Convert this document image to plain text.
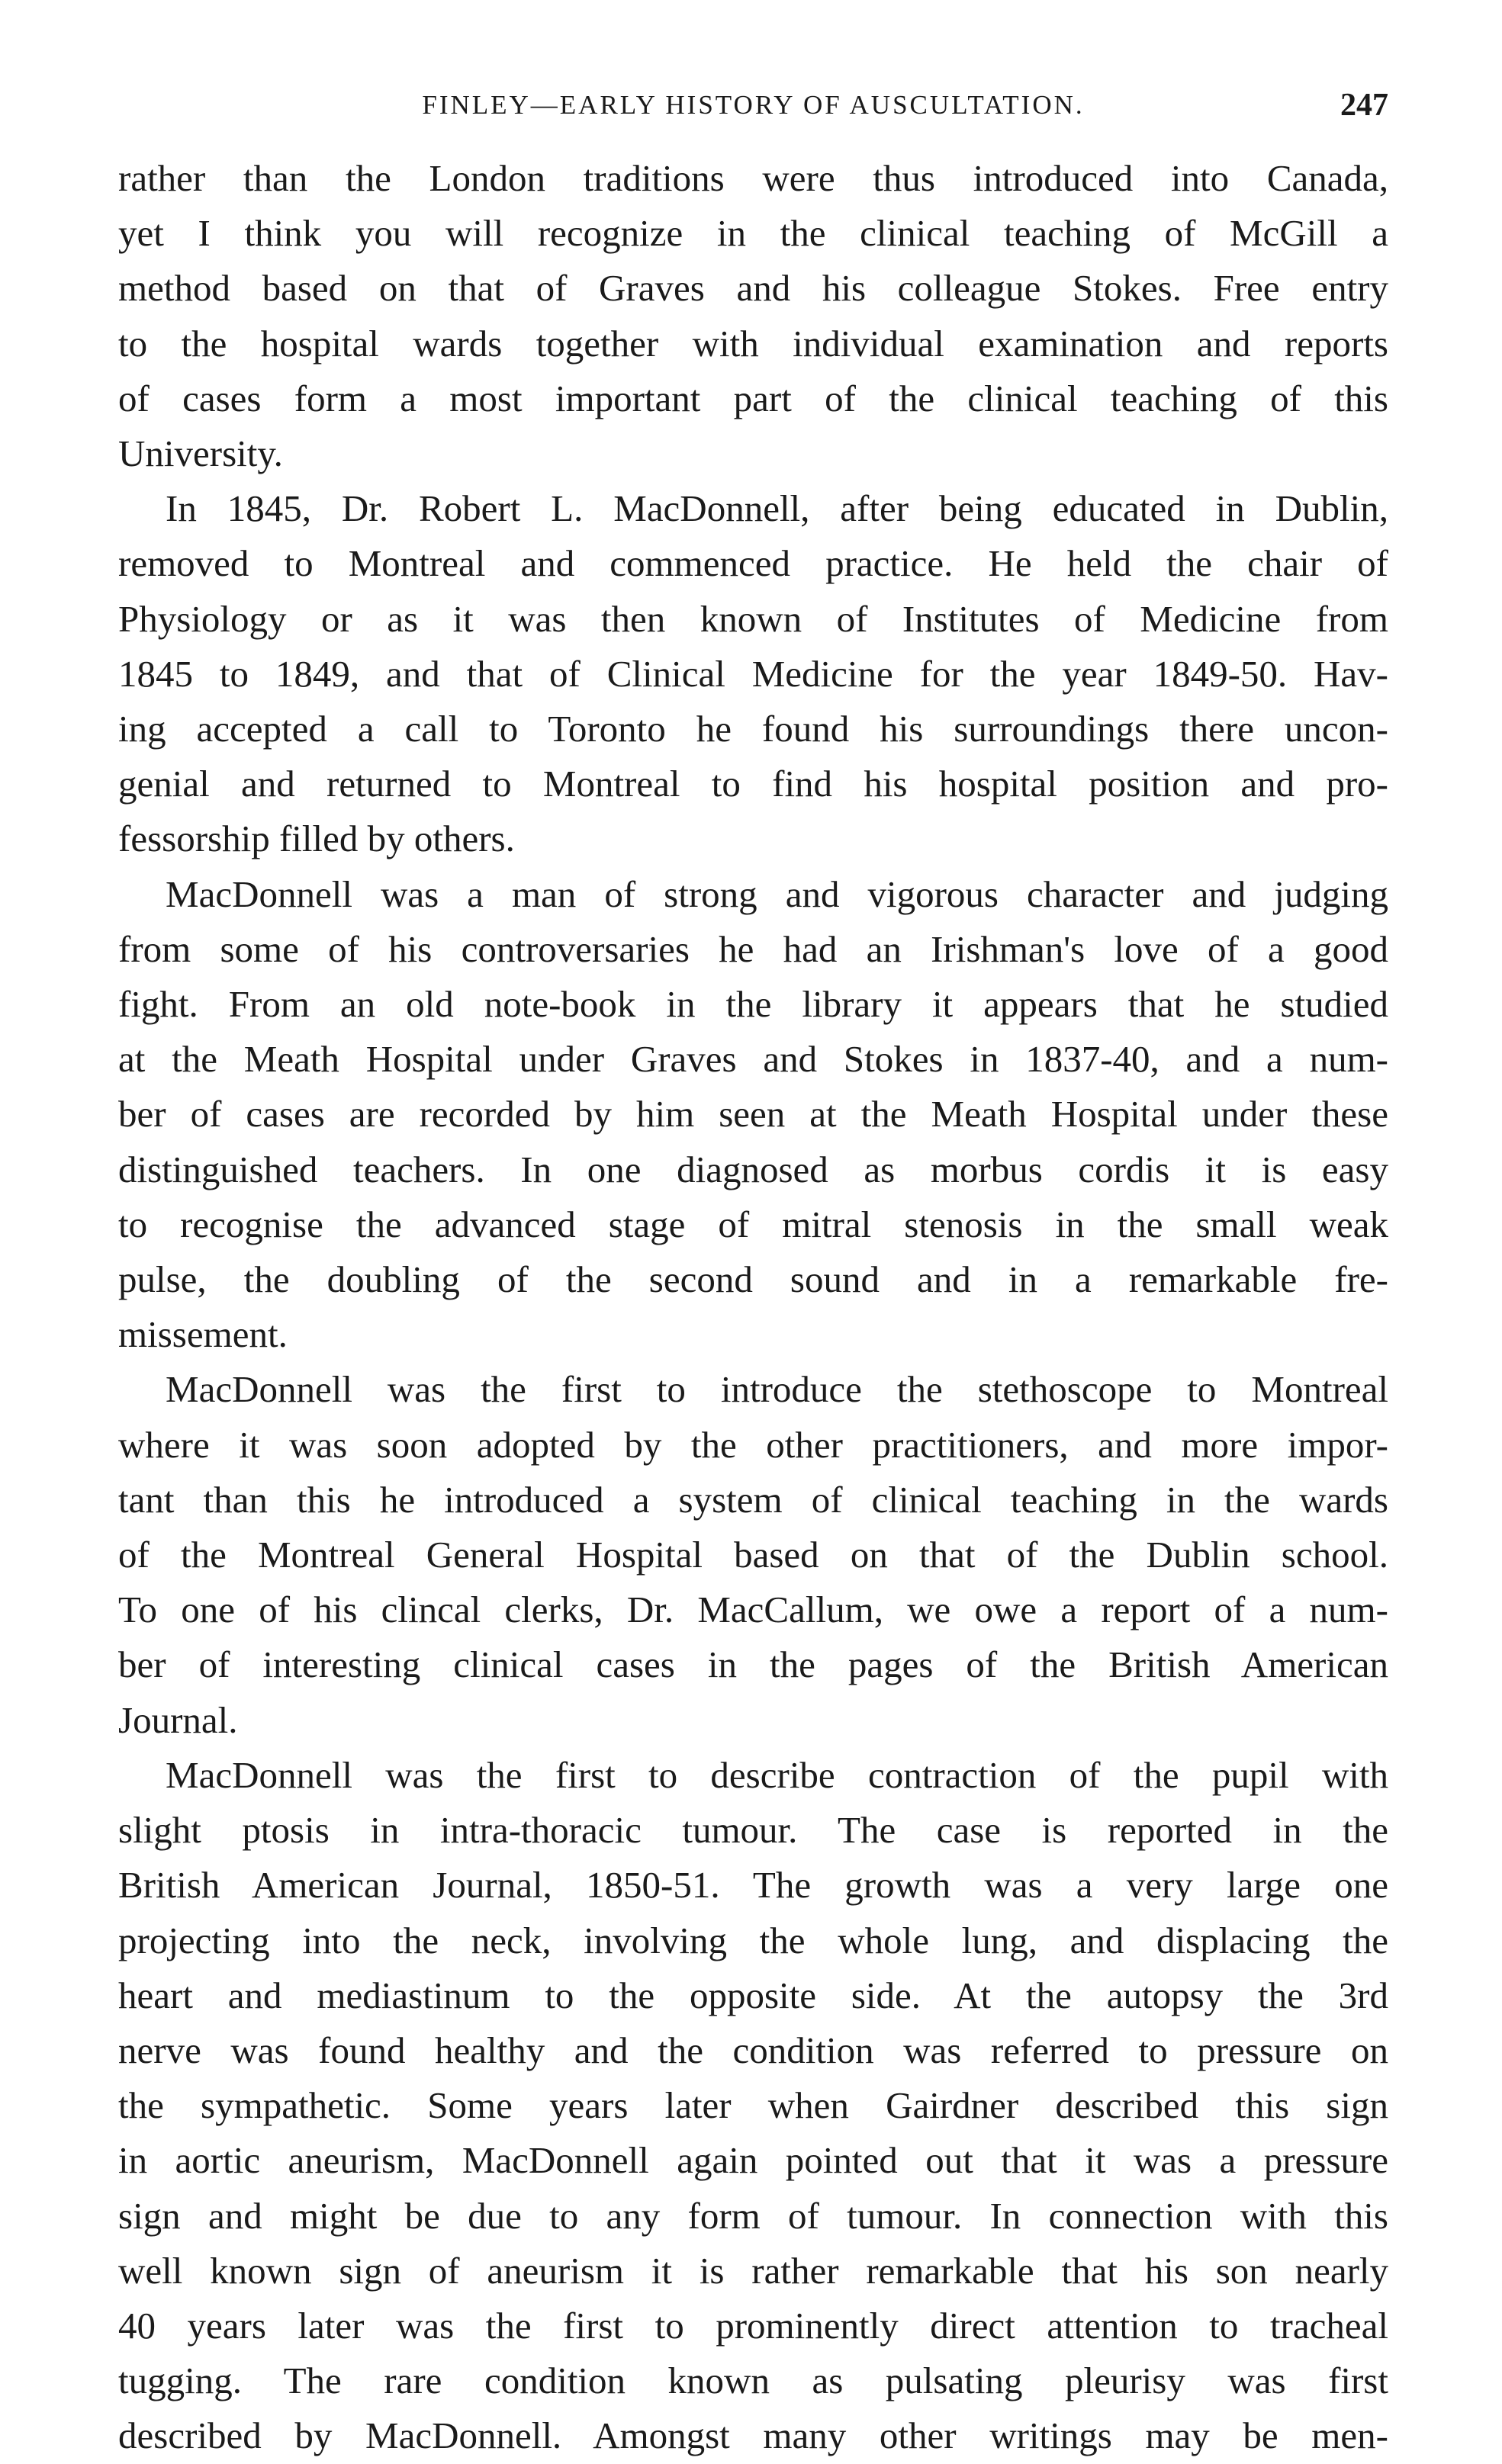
FINLEY—EARLY HISTORY OF AUSCULTATION.	247
rather than the London traditions were thus introduced into Canada,
yet I think you will recognize in the clinical teaching of McGill a
method based on that of Graves and his colleague Stokes. Free entry
to the hospital wards together with individual examination and reports
of cases form a most important part of the clinical teaching of this
University.
In 1845, Dr. Robert L. MacDonnell, after being educated in Dublin,
removed to Montreal and commenced practice. He held the chair of
Physiology or as it was then known of Institutes of Medicine from
1845 to 1849, and that of Clinical Medicine for the year 1849-50. Hav-
ing accepted a call to Toronto he found his surroundings there uncon-
genial and returned to Montreal to find his hospital position and pro-
fessorship filled by others.
MacDonnell was a man of strong and vigorous character and judging
from some of his controversaries he had an Irishman's love of a good
fight. From an old note-book in the library it appears that he studied
at the Meath Hospital under Graves and Stokes in 1837-40, and a num-
ber of cases are recorded by him seen at the Meath Hospital under these
distinguished teachers. In one diagnosed as morbus cordis it is easy
to recognise the advanced stage of mitral stenosis in the small weak
pulse, the doubling of the second sound and in a remarkable fre-
missement.
MacDonnell was the first to introduce the stethoscope to Montreal
where it was soon adopted by the other practitioners, and more impor-
tant than this he introduced a system of clinical teaching in the wards
of the Montreal General Hospital based on that of the Dublin school.
To one of his clincal clerks, Dr. MacCallum, we owe a report of a num-
ber of interesting clinical cases in the pages of the British American
Journal.
MacDonnell was the first to describe contraction of the pupil with
slight ptosis in intra-thoracic tumour. The case is reported in the
British American Journal, 1850-51. The growth was a very large one
projecting into the neck, involving the whole lung, and displacing the
heart and mediastinum to the opposite side. At the autopsy the 3rd
nerve was found healthy and the condition was referred to pressure on
the sympathetic. Some years later when Gairdner described this sign
in aortic aneurism, MacDonnell again pointed out that it was a pressure
sign and might be due to any form of tumour. In connection with this
well known sign of aneurism it is rather remarkable that his son nearly
40 years later was the first to prominently direct attention to tracheal
tugging. The rare condition known as pulsating pleurisy was first
described by MacDonnell. Amongst many other writings may be men-
